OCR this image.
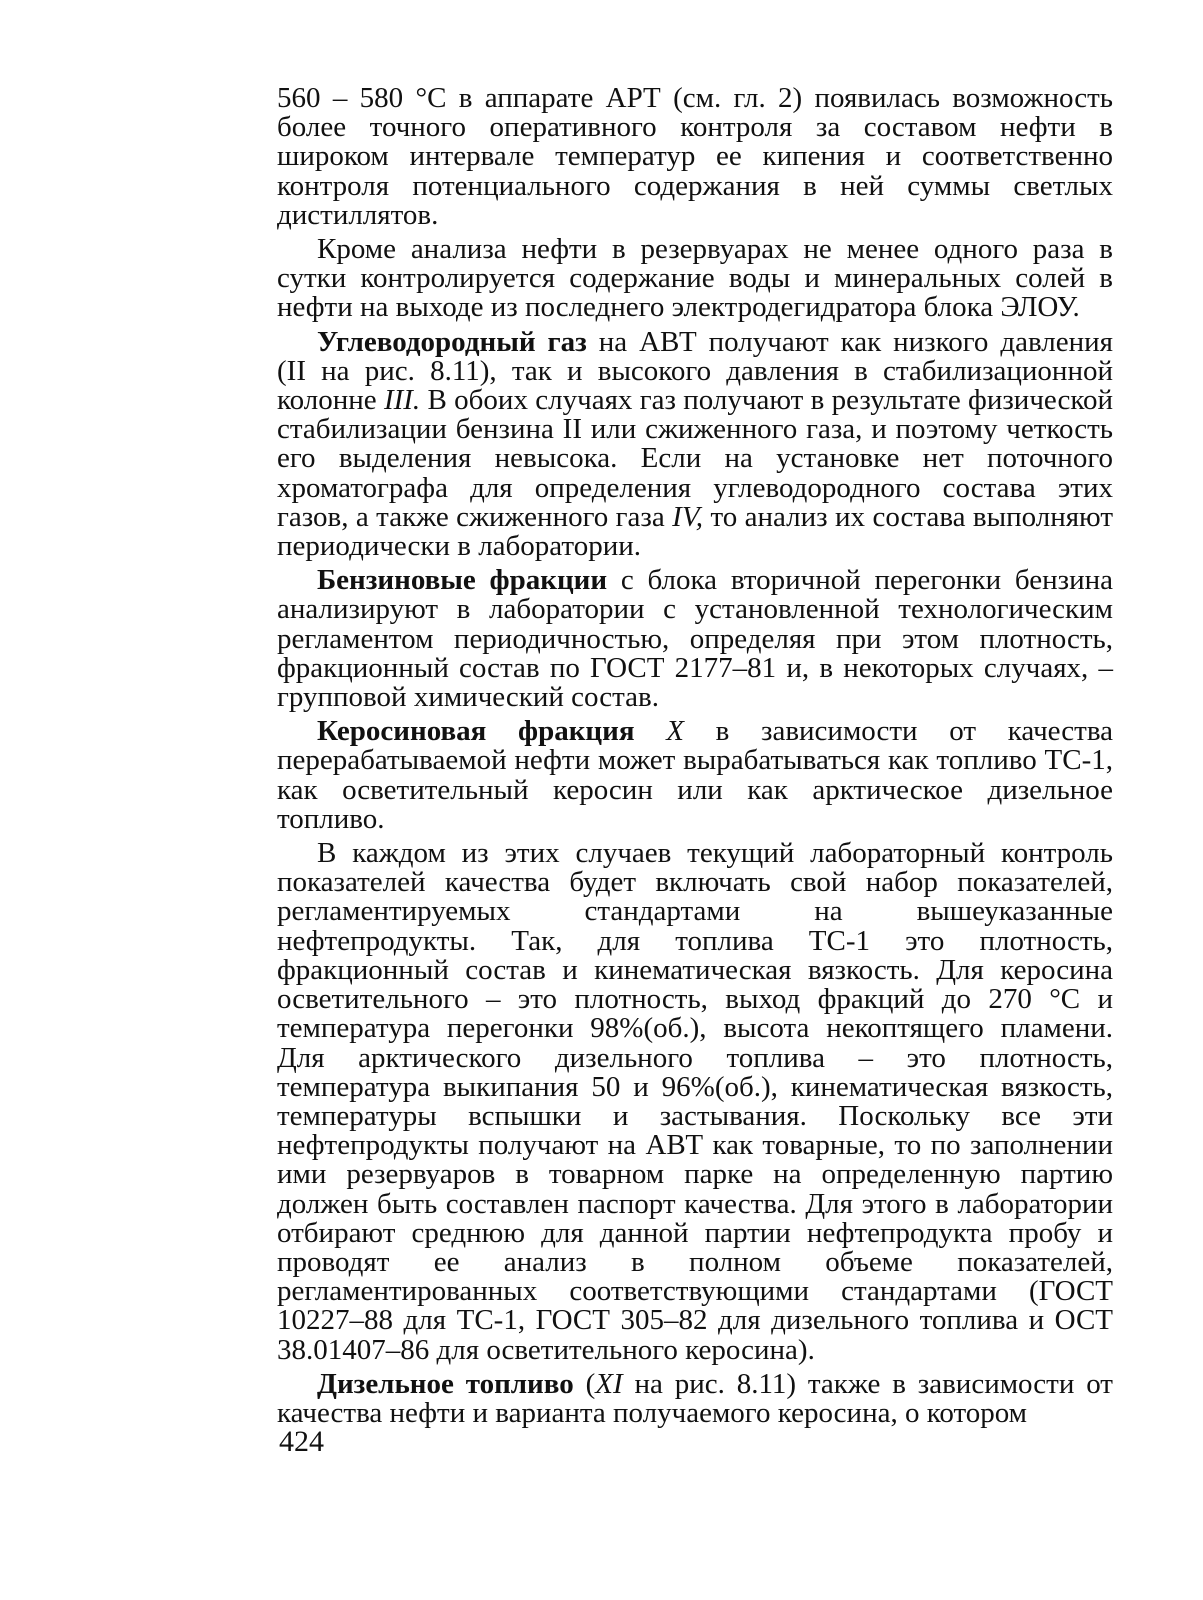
560 – 580 °С в аппарате АРТ (см. гл. 2) появилась возможность более точного оперативного контроля за составом нефти в широком интервале температур ее кипения и соответственно контроля потенциального содержания в ней суммы светлых дистиллятов.

Кроме анализа нефти в резервуарах не менее одного раза в сутки контролируется содержание воды и минеральных солей в нефти на выходе из последнего электродегидратора блока ЭЛОУ.

Углеводородный газ на АВТ получают как низкого давления (II на рис. 8.11), так и высокого давления в стабилизационной колонне III. В обоих случаях газ получают в результате физической стабилизации бензина II или сжиженного газа, и поэтому четкость его выделения невысока. Если на установке нет поточного хроматографа для определения углеводородного состава этих газов, а также сжиженного газа IV, то анализ их состава выполняют периодически в лаборатории.

Бензиновые фракции с блока вторичной перегонки бензина анализируют в лаборатории с установленной технологическим регламентом периодичностью, определяя при этом плотность, фракционный состав по ГОСТ 2177–81 и, в некоторых случаях, – групповой химический состав.

Керосиновая фракция X в зависимости от качества перерабатываемой нефти может вырабатываться как топливо ТС-1, как осветительный керосин или как арктическое дизельное топливо.

В каждом из этих случаев текущий лабораторный контроль показателей качества будет включать свой набор показателей, регламентируемых стандартами на вышеуказанные нефтепродукты. Так, для топлива ТС-1 это плотность, фракционный состав и кинематическая вязкость. Для керосина осветительного – это плотность, выход фракций до 270 °С и температура перегонки 98%(об.), высота некоптящего пламени. Для арктического дизельного топлива – это плотность, температура выкипания 50 и 96%(об.), кинематическая вязкость, температуры вспышки и застывания. Поскольку все эти нефтепродукты получают на АВТ как товарные, то по заполнении ими резервуаров в товарном парке на определенную партию должен быть составлен паспорт качества. Для этого в лаборатории отбирают среднюю для данной партии нефтепродукта пробу и проводят ее анализ в полном объеме показателей, регламентированных соответствующими стандартами (ГОСТ 10227–88 для ТС-1, ГОСТ 305–82 для дизельного топлива и ОСТ 38.01407–86 для осветительного керосина).

Дизельное топливо (XI на рис. 8.11) также в зависимости от качества нефти и варианта получаемого керосина, о котором

424
